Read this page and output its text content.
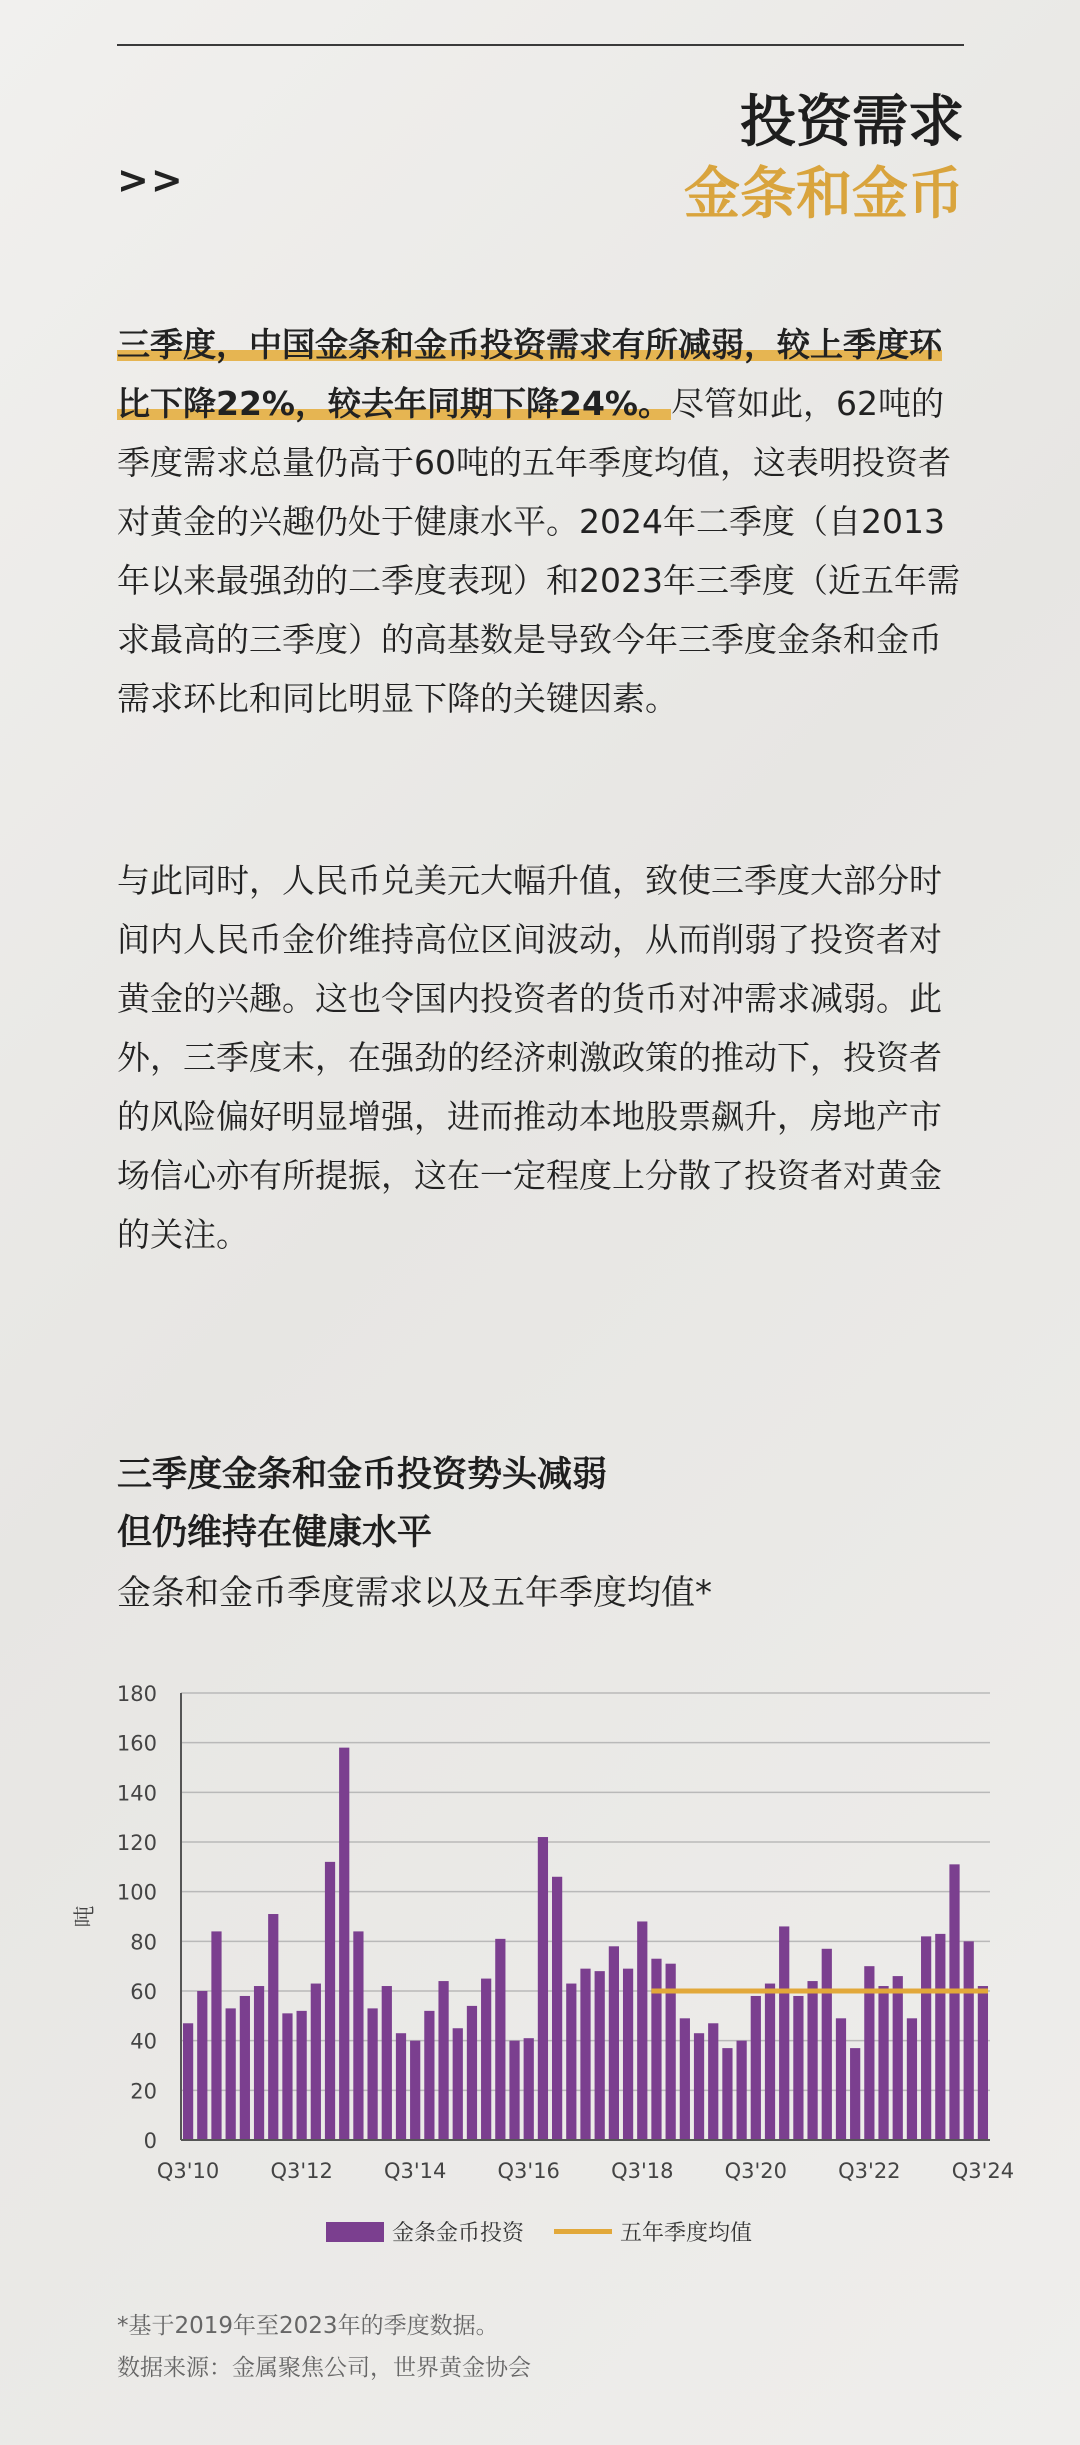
>>
投资需求
金条和金币
三季度，中国金条和金币投资需求有所减弱，较上季度环比下降22%，较去年同期下降24%。尽管如此，62吨的季度需求总量仍高于60吨的五年季度均值，这表明投资者对黄金的兴趣仍处于健康水平。2024年二季度（自2013年以来最强劲的二季度表现）和2023年三季度（近五年需求最高的三季度）的高基数是导致今年三季度金条和金币需求环比和同比明显下降的关键因素。
与此同时，人民币兑美元大幅升值，致使三季度大部分时间内人民币金价维持高位区间波动，从而削弱了投资者对黄金的兴趣。这也令国内投资者的货币对冲需求减弱。此外，三季度末，在强劲的经济刺激政策的推动下，投资者的风险偏好明显增强，进而推动本地股票飙升，房地产市场信心亦有所提振，这在一定程度上分散了投资者对黄金的关注。
三季度金条和金币投资势头减弱
但仍维持在健康水平
金条和金币季度需求以及五年季度均值*
0
20
40
60
80
100
120
140
160
180
吨
Q3'10 Q3'12 Q3'14 Q3'16 Q3'18 Q3'20 Q3'22 Q3'24
金条金币投资	五年季度均值
*基于2019年至2023年的季度数据。
数据来源：金属聚焦公司，世界黄金协会
